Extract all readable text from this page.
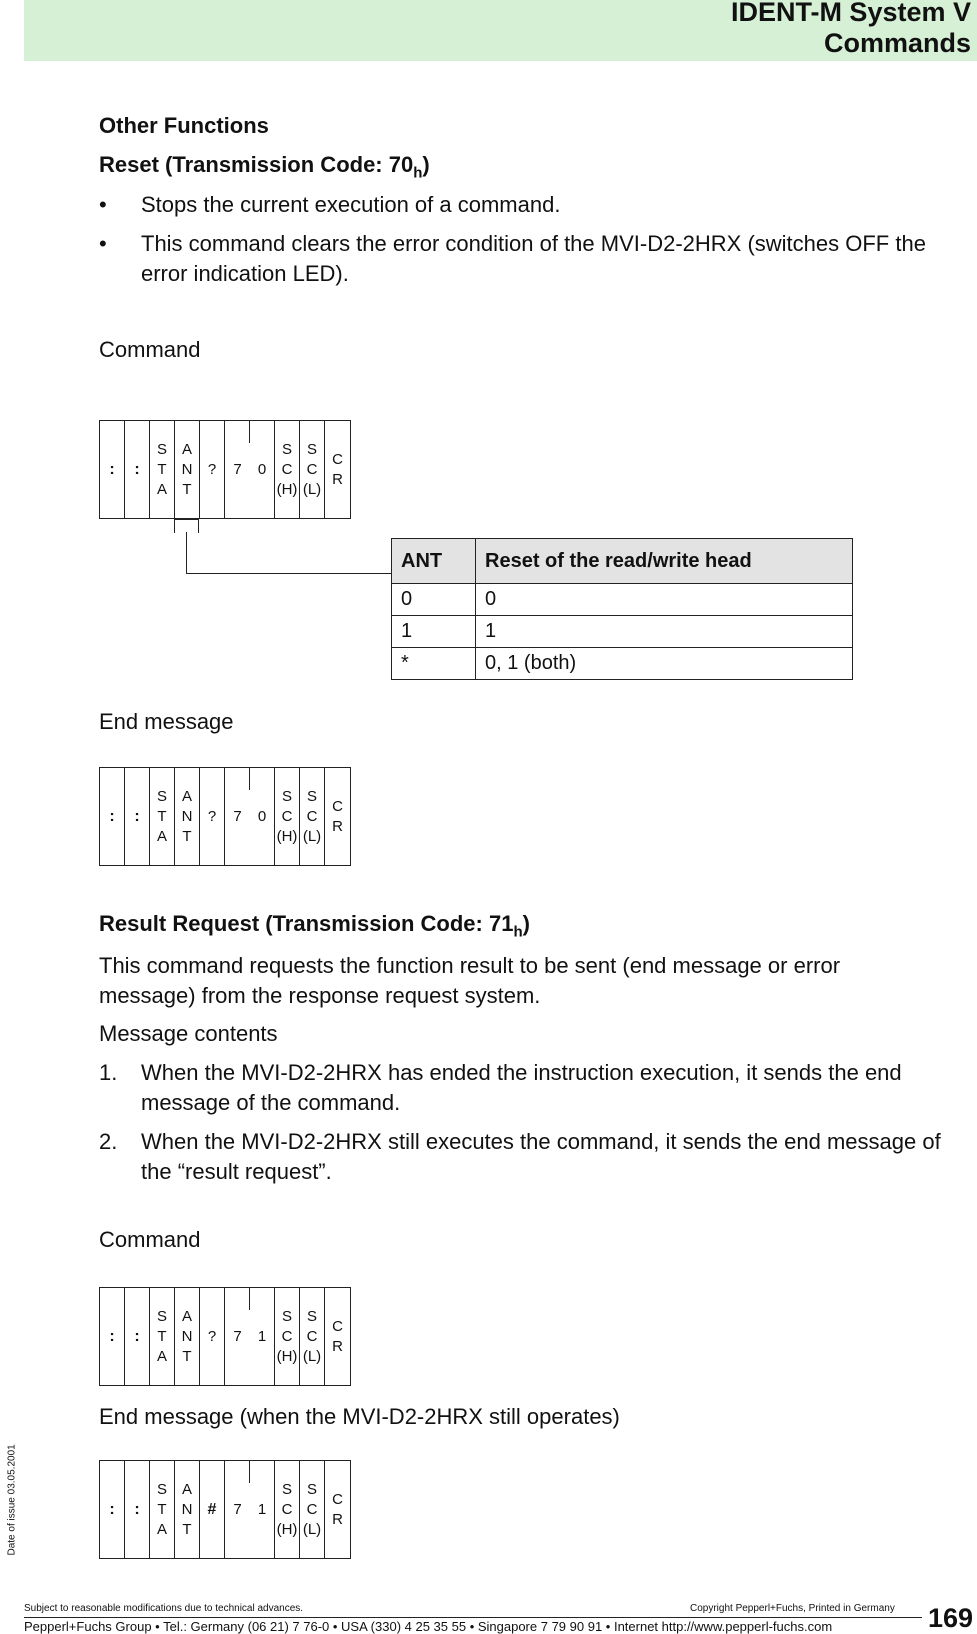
IDENT-M System V
Commands
Other Functions
Reset (Transmission Code: $70_h$)
• Stops the current execution of a command.
• This command clears the error condition of the MVI-D2-2HRX (switches OFF the error indication LED).
Command
: :
S
T
A
A
N
T
? 7 0
S
C
(H)
S
C
(L)
C
R
ANT	Reset of the read/write head
0	0
1	1
*	0, 1 (both)
End message
: :
S
T
A
A
N
T
? 7 0
S
C
(H)
S
C
(L)
C
R
Result Request (Transmission Code: $71_h$)
This command requests the function result to be sent (end message or error message) from the response request system.
Message contents
1. When the MVI-D2-2HRX has ended the instruction execution, it sends the end message of the command.
2. When the MVI-D2-2HRX still executes the command, it sends the end message of the “result request”.
Command
: :
S
T
A
A
N
T
? 7 1
S
C
(H)
S
C
(L)
C
R
End message (when the MVI-D2-2HRX still operates)
: :
S
T
A
A
N
T
# 7 1
S
C
(H)
S
C
(L)
C
R
Date of issue 03.05.2001
Subject to reasonable modifications due to technical advances.	Copyright Pepperl+Fuchs, Printed in Germany
Pepperl+Fuchs Group • Tel.: Germany (06 21) 7 76-0 • USA (330) 4 25 35 55 • Singapore 7 79 90 91 • Internet http://www.pepperl-fuchs.com	169
